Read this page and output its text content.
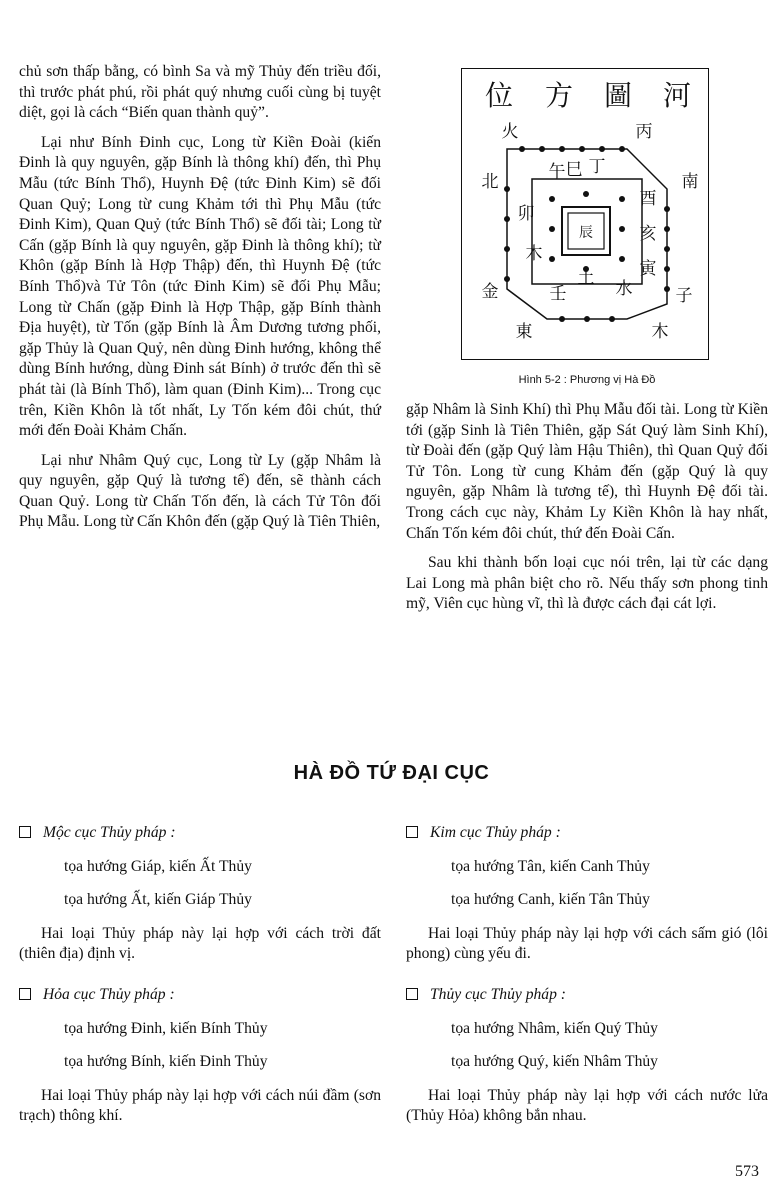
chủ sơn thấp bằng, có bình Sa và mỹ Thủy đến triều đối, thì trước phát phú, rồi phát quý nhưng cuối cùng bị tuyệt diệt, gọi là cách “Biến quan thành quỷ”.

Lại như Bính Đinh cục, Long từ Kiền Đoài (kiến Đinh là quy nguyên, gặp Bính là thông khí) đến, thì Phụ Mẫu (tức Bính Thổ), Huynh Đệ (tức Đinh Kim) sẽ đối Quan Quỷ; Long từ cung Khảm tới thì Phụ Mẫu (tức Đinh Kim), Quan Quỷ (tức Bính Thổ) sẽ đối tài; Long từ Cấn (gặp Bính là quy nguyên, gặp Đinh là thông khí); từ Khôn (gặp Bính là Hợp Thập) đến, thì Huynh Đệ (tức Bính Thổ)và Tử Tôn (tức Đinh Kim) sẽ đối Phụ Mẫu; Long từ Chấn (gặp Đinh là Hợp Thập, gặp Bính thành Địa huyệt), từ Tốn (gặp Bính là Âm Dương tương phối, gặp Thủy là Quan Quỷ, nên dùng Đinh hướng, không thể dùng Bính hướng, dùng Đinh sát Bính) ở trước đến thì sẽ phát tài (là Bính Thổ), làm quan (Đinh Kim)... Trong cục trên, Kiền Khôn là tốt nhất, Ly Tốn kém đôi chút, thứ mới đến Đoài Khảm Chấn.

Lại như Nhâm Quý cục, Long từ Ly (gặp Nhâm là quy nguyên, gặp Quý là tương tế) đến, sẽ thành cách Quan Quỷ. Long từ Chấn Tốn đến, là cách Tử Tôn đối Phụ Mẫu. Long từ Cấn Khôn đến (gặp Quý là Tiên Thiên,

位 方 圖 河
火	丙
丁
巳
北	午	南
酉
卯
亥
辰
土
水
壬
寅
木
金	子
東	木
Hình 5-2 : Phương vị Hà Đồ

gặp Nhâm là Sinh Khí) thì Phụ Mẫu đối tài. Long từ Kiền tới (gặp Sinh là Tiên Thiên, gặp Sát Quý làm Sinh Khí), từ Đoài đến (gặp Quý làm Hậu Thiên), thì Quan Quỷ đối Tử Tôn. Long từ cung Khảm đến (gặp Quý là quy nguyên, gặp Nhâm là tương tế), thì Huynh Đệ đối tài. Trong cách cục này, Khảm Ly Kiền Khôn là hay nhất, Chấn Tốn kém đôi chút, thứ đến Đoài Cấn.

Sau khi thành bốn loại cục nói trên, lại từ các dạng Lai Long mà phân biệt cho rõ. Nếu thấy sơn phong tinh mỹ, Viên cục hùng vĩ, thì là được cách đại cát lợi.

HÀ ĐỒ TỨ ĐẠI CỤC

Mộc cục Thủy pháp :

tọa hướng Giáp, kiến Ất Thủy

tọa hướng Ất, kiến Giáp Thủy

Hai loại Thủy pháp này lại hợp với cách trời đất (thiên địa) định vị.

Kim cục Thủy pháp :

tọa hướng Tân, kiến Canh Thủy

tọa hướng Canh, kiến Tân Thủy

Hai loại Thủy pháp này lại hợp với cách sấm gió (lôi phong) cùng yếu đi.

Hỏa cục Thủy pháp :

tọa hướng Đinh, kiến Bính Thủy

tọa hướng Bính, kiến Đinh Thủy

Hai loại Thủy pháp này lại hợp với cách núi đầm (sơn trạch) thông khí.

Thủy cục Thủy pháp :

tọa hướng Nhâm, kiến Quý Thủy

tọa hướng Quý, kiến Nhâm Thủy

Hai loại Thủy pháp này lại hợp với cách nước lửa (Thủy Hỏa) không bắn nhau.

573
